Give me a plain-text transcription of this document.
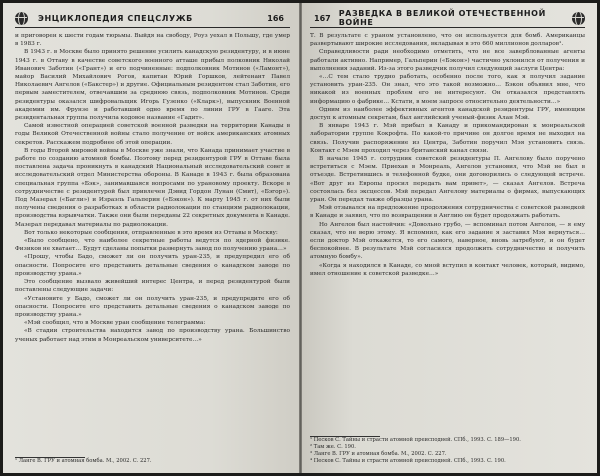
ЭНЦИКЛОПЕДИЯ СПЕЦСЛУЖБ	166

и приговорен к шести годам тюрьмы. Выйдя на свободу, Роуз уехал в Польшу, где умер в 1983 г.

В 1943 г. в Москве было принято решение усилить канадскую резидентуру, и в июне 1943 г. в Оттаву в качестве советского военного атташе прибыл полковник Николай Иванович Заботин («Грант») и его подчиненные: подполковник Мотинов («Ламонт»), майор Василий Михайлович Рогов, капитан Юрий Горшков, лейтенант Павел Николаевич Ангелов («Бакстер») и другие. Официальным резидентом стал Заботин, его первым заместителем, отвечавшим за среднюю связь, подполковник Мотинов. Среди резидентуры оказался шифровальщик Игорь Гузенко («Кларк»), выпускник Военной академии им. Фрунзе и работавший одно время по линии ГРУ в Гааге. Эта резидентальная группа получила кодовое название «Гадит».

Самой известной операцией советской военной разведки на территории Канады в годы Великой Отечественной войны стало получение от войск американских атомных секретов. Расскажем подробнее об этой операции.

В годы Второй мировой войны в Москве уже знали, что Канада принимает участие в работе по созданию атомной бомбы. Поэтому перед резидентурой ГРУ в Оттаве была поставлена задача проникнуть в канадский Национальный исследовательский совет и исследовательский отдел Министерства обороны. В Канаде в 1943 г. была образована специальная группа «Бэк», занимавшаяся вопросами по урановому проекту. Вскоре в сотрудничестве с резидентурой был привлечен Дэвид Гордон Лунан (Смит), «Бэгор»). Под Мазерал («Багли») и Израэль Гальперин («Бэкон»). К марту 1945 г. от них были получены сведения о разработках в области радиолокации по станциям радиолокации, производства взрывчатки. Также они были переданы 22 секретных документа в Канаде. Мазерал передавал материалы по радиолокации.

Вот только некоторые сообщения, отправленные в это время из Оттавы в Москву:

«Было сообщено, что наиболее секретные работы ведутся по ядерной физике. Физиков не хватает… Будут сделаны попытки развернуть завод по получению урана…»

«Прошу, чтобы Бадо, сможет ли он получить уран-235, и предупредил его об опасности. Попросите его представить детальные сведения о канадском заводе по производству урана.»

Это сообщение вызвало живейший интерес Центра, и перед резидентурой были поставлены следующие задачи:

«Установите у Бадо, сможет ли он получить уран-235, и предупредите его об опасности. Попросите его представить детальные сведения о канадском заводе по производству урана.»

«Мэй сообщил, что в Москве уран сообщение телеграмма:

«В стадии строительства находится завод по производству урана. Большинство ученых работает над этим в Монреальском университете…»

¹ Ланге В. ГРУ и атомная бомба. М., 2002. С. 227.
167	РАЗВЕДКА В ВЕЛИКОЙ ОТЕЧЕСТВЕННОЙ ВОЙНЕ

Т. В результате с ураном установлено, что он используется для бомб. Американцы развертывают широкие исследования, вкладывая в это 660 миллионов долларов¹.

Справедливости ради необходимо отметить, что не все заверблованные агенты работали активно. Например, Гальперин («Бэкон») частично уклонился от получения и выполнения заданий. Из-за этого разведчик получил следующий заслуги Центра:

«…С тем стало трудно работать, особенно после того, как я получил задание установить уран-235. Он знал, что это такой возможно… Бэкон объявил мне, что никакой из военных проблем его не интересуют. Он отказался представлять информацию о фабрике… Кстати, в моем запросе относительно деятельности…»

Одним из наиболее эффективных агентов канадской резидентуры ГРУ, имеющим доступ к атомным секретам, был английский ученый-физик Алан Мэй.

В январе 1943 г. Мэй прибыл в Канаду и прикомандирован к монреальской лаборатории группе Кокрофта. По какой-то причине он долгое время не выходил на связь. Получив распоряжение из Центра, Заботин поручил Мэя установить связь. Контакт с Мэем проходил через британский канал связи.

В начале 1945 г. сотрудник советской резидентуры П. Ангелову было поручено встретиться с Мэем. Приехав в Монреаль, Ангелов установил, что Мэй не был в отъезде. Встретившись в телефонной будке, они договорились о следующей встрече. «Вот друг из Европы просил передать вам привет», — сказал Ангелов. Встреча состоялась без эксцессов. Мэй передал Ангелову материалы о фирмах, выпускающих уран. Он передал также образцы урана.

Мэй отзывался на предложение продолжения сотрудничества с советской разведкой в Канаде и заявил, что по возвращении в Англию он будет продолжать работать.

Но Ангелов был настойчив: «Довольно грубо, — вспоминал потом Ангелов, — я ему сказал, что не верю этому. Я вспомнил, как его задание я заставил Мэя вернуться… если доктор Мэй откажется, то его самого, наверное, вновь затребуют, и он будет беспокойнее. В результате Мэй согласился продолжить сотрудничество и получить атомную бомбу».

«Когда я находился в Канаде, со мной вступил в контакт человек, который, видимо, имел отношение к советской разведке…»

¹ Песков С. Тайны и страсти атомной преисподней. СПб., 1993. С. 189—190.
² Там же. С. 190.
³ Ланге В. ГРУ и атомная бомба. М., 2002. С. 227.
⁴ Песков С. Тайны и страсти атомной преисподней. СПб., 1993. С. 190.
